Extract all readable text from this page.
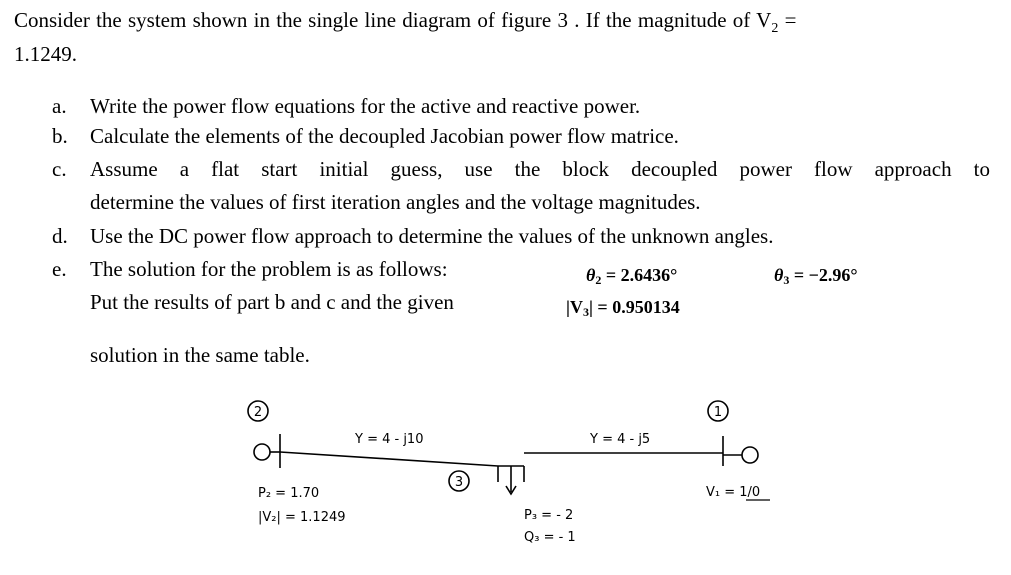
Consider the system shown in the single line diagram of figure 3 . If the magnitude of $V_2$ =
1.1249.
a. Write the power flow equations for the active and reactive power.
b. Calculate the elements of the decoupled Jacobian power flow matrice.
c. Assume a flat start initial guess, use the block decoupled power flow approach to
determine the values of first iteration angles and the voltage magnitudes.
d. Use the DC power flow approach to determine the values of the unknown angles.
e. The solution for the problem is as follows:
Put the results of part b and c and the given
solution in the same table.
$\theta_2 = 2.6436^\circ$	$\theta_3 = -2.96^\circ$
$|V_3| = 0.950134$
2	1
3
Y = 4 - j10	Y = 4 - j5
P₂ = 1.70
|V₂| = 1.1249	P₃ = - 2
Q₃ = - 1
V₁ = 1/0
